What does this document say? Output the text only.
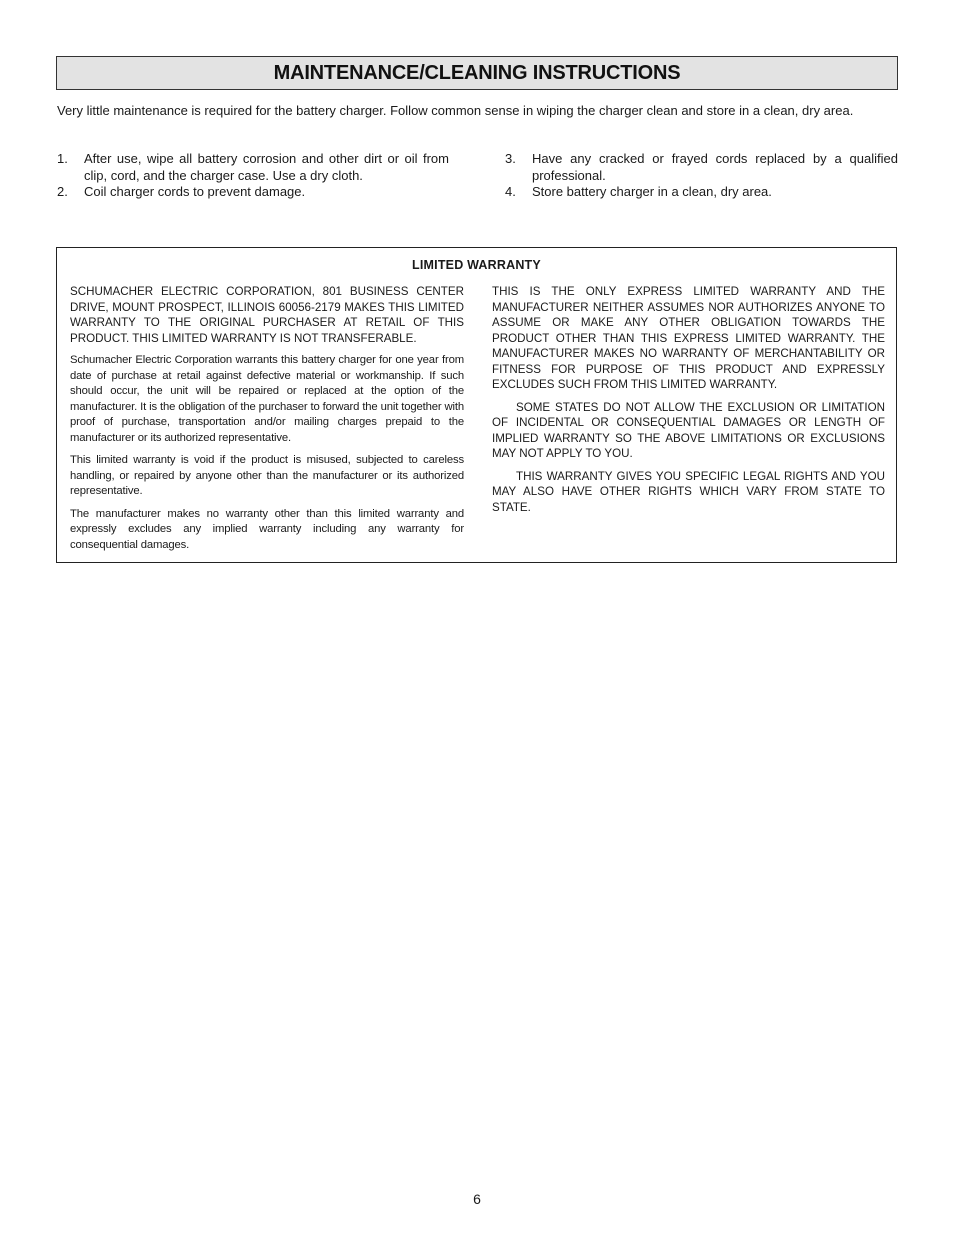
MAINTENANCE/CLEANING INSTRUCTIONS

Very little maintenance is required for the battery charger. Follow common sense in wiping the charger clean and store in a clean, dry area.

1.	After use, wipe all battery corrosion and other dirt or oil from clip, cord, and the charger case. Use a dry cloth.
2.	Coil charger cords to prevent damage.
3.	Have any cracked or frayed cords replaced by a qualified professional.
4.	Store battery charger in a clean, dry area.
LIMITED WARRANTY

SCHUMACHER ELECTRIC CORPORATION, 801 BUSINESS CENTER DRIVE, MOUNT PROSPECT, ILLINOIS 60056-2179 MAKES THIS LIMITED WARRANTY TO THE ORIGINAL PURCHASER AT RETAIL OF THIS PRODUCT. THIS LIMITED WARRANTY IS NOT TRANSFERABLE.

Schumacher Electric Corporation warrants this battery charger for one year from date of purchase at retail against defective material or workmanship. If such should occur, the unit will be repaired or replaced at the option of the manufacturer. It is the obligation of the purchaser to forward the unit together with proof of purchase, transportation and/or mailing charges prepaid to the manufacturer or its authorized representative.

This limited warranty is void if the product is misused, subjected to careless handling, or repaired by anyone other than the manufacturer or its authorized representative.

The manufacturer makes no warranty other than this limited warranty and expressly excludes any implied warranty including any warranty for consequential damages.

THIS IS THE ONLY EXPRESS LIMITED WARRANTY AND THE MANUFACTURER NEITHER ASSUMES NOR AUTHORIZES ANYONE TO ASSUME OR MAKE ANY OTHER OBLIGATION TOWARDS THE PRODUCT OTHER THAN THIS EXPRESS LIMITED WARRANTY. THE MANUFACTURER MAKES NO WARRANTY OF MERCHANTABILITY OR FITNESS FOR PURPOSE OF THIS PRODUCT AND EXPRESSLY EXCLUDES SUCH FROM THIS LIMITED WARRANTY.

SOME STATES DO NOT ALLOW THE EXCLUSION OR LIMITATION OF INCIDENTAL OR CONSEQUENTIAL DAMAGES OR LENGTH OF IMPLIED WARRANTY SO THE ABOVE LIMITATIONS OR EXCLUSIONS MAY NOT APPLY TO YOU.

THIS WARRANTY GIVES YOU SPECIFIC LEGAL RIGHTS AND YOU MAY ALSO HAVE OTHER RIGHTS WHICH VARY FROM STATE TO STATE.

6
